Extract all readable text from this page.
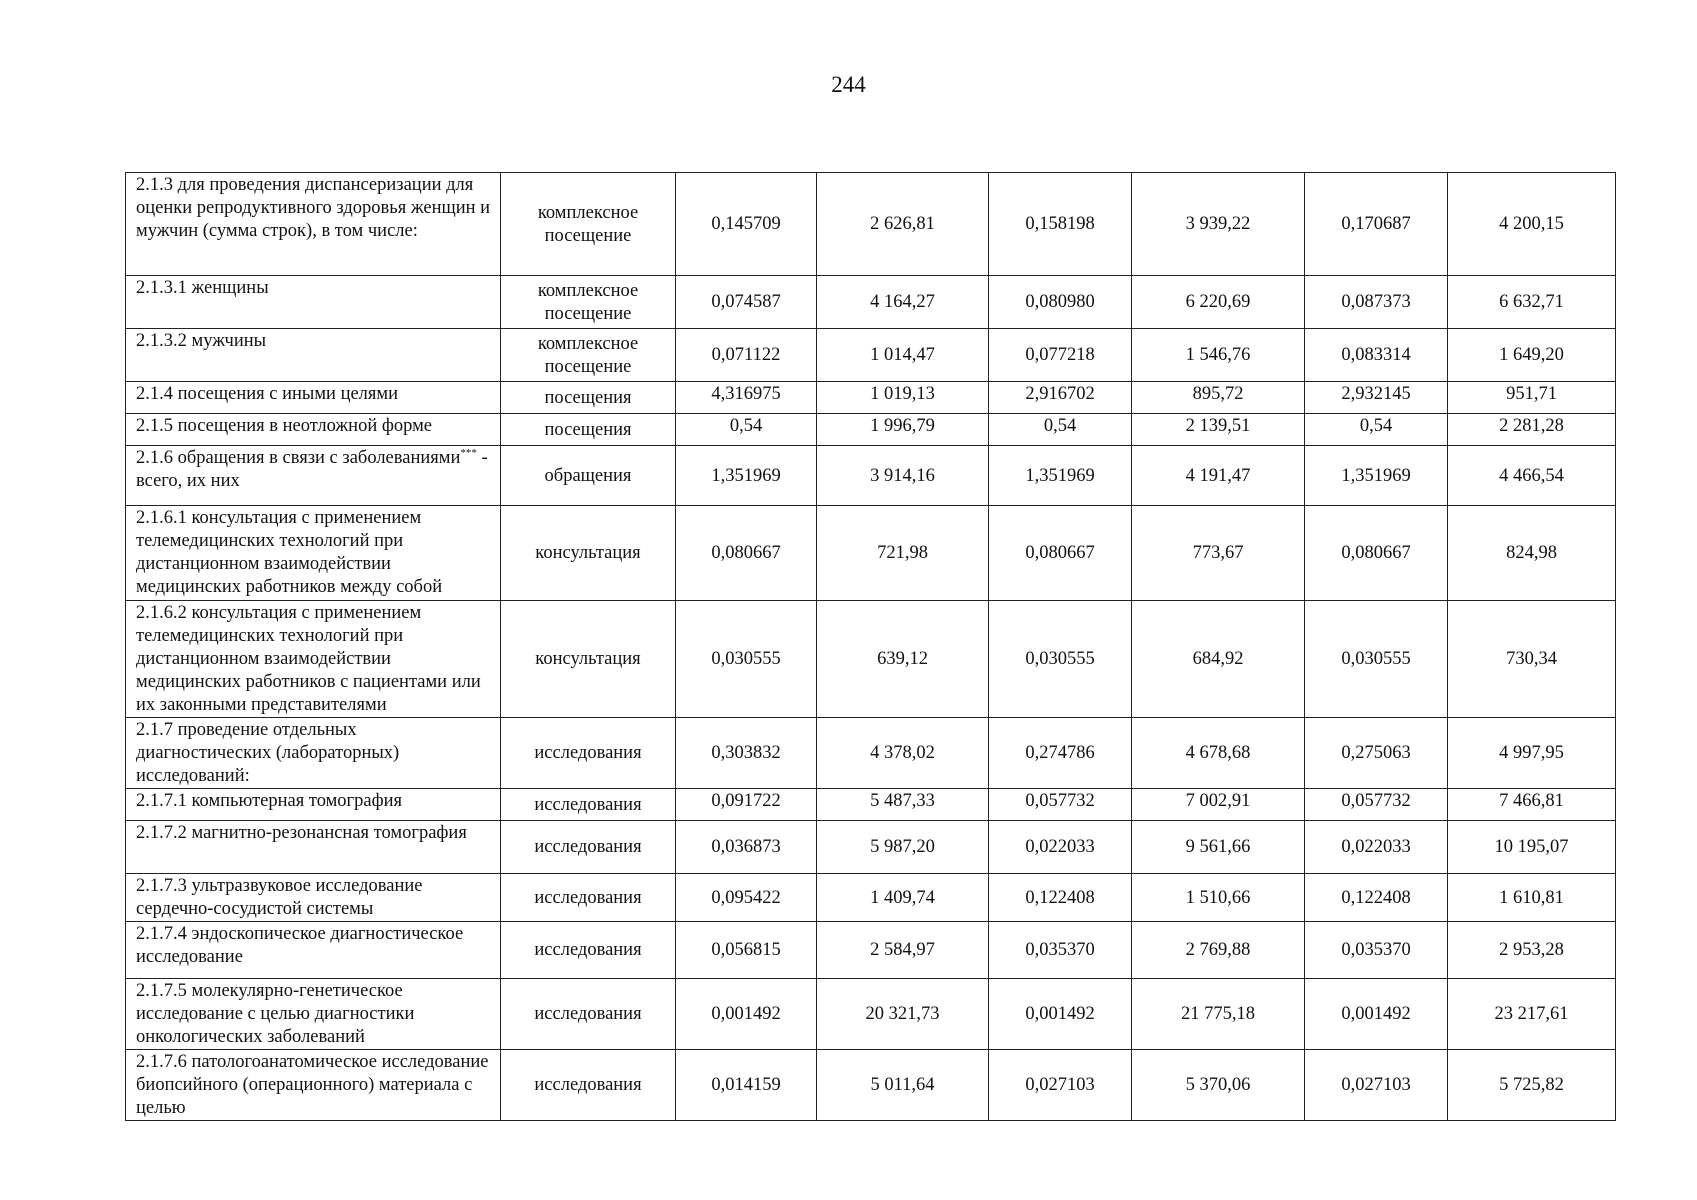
244
2.1.3 для проведения диспансеризации для оценки репродуктивного здоровья женщин и мужчин (сумма строк), в том числе:	комплексное посещение	0,145709	2 626,81	0,158198	3 939,22	0,170687	4 200,15
2.1.3.1 женщины	комплексное посещение	0,074587	4 164,27	0,080980	6 220,69	0,087373	6 632,71
2.1.3.2 мужчины	комплексное посещение	0,071122	1 014,47	0,077218	1 546,76	0,083314	1 649,20
2.1.4 посещения с иными целями	посещения	4,316975	1 019,13	2,916702	895,72	2,932145	951,71
2.1.5 посещения в неотложной форме	посещения	0,54	1 996,79	0,54	2 139,51	0,54	2 281,28
2.1.6 обращения в связи с заболеваниями*** - всего, их них	обращения	1,351969	3 914,16	1,351969	4 191,47	1,351969	4 466,54
2.1.6.1 консультация с применением телемедицинских технологий при дистанционном взаимодействии медицинских работников между собой	консультация	0,080667	721,98	0,080667	773,67	0,080667	824,98
2.1.6.2 консультация с применением телемедицинских технологий при дистанционном взаимодействии медицинских работников с пациентами или их законными представителями	консультация	0,030555	639,12	0,030555	684,92	0,030555	730,34
2.1.7 проведение отдельных диагностических (лабораторных) исследований:	исследования	0,303832	4 378,02	0,274786	4 678,68	0,275063	4 997,95
2.1.7.1 компьютерная томография	исследования	0,091722	5 487,33	0,057732	7 002,91	0,057732	7 466,81
2.1.7.2 магнитно-резонансная томография	исследования	0,036873	5 987,20	0,022033	9 561,66	0,022033	10 195,07
2.1.7.3 ультразвуковое исследование сердечно-сосудистой системы	исследования	0,095422	1 409,74	0,122408	1 510,66	0,122408	1 610,81
2.1.7.4 эндоскопическое диагностическое исследование	исследования	0,056815	2 584,97	0,035370	2 769,88	0,035370	2 953,28
2.1.7.5 молекулярно-генетическое исследование с целью диагностики онкологических заболеваний	исследования	0,001492	20 321,73	0,001492	21 775,18	0,001492	23 217,61
2.1.7.6 патологоанатомическое исследование биопсийного (операционного) материала с целью	исследования	0,014159	5 011,64	0,027103	5 370,06	0,027103	5 725,82
